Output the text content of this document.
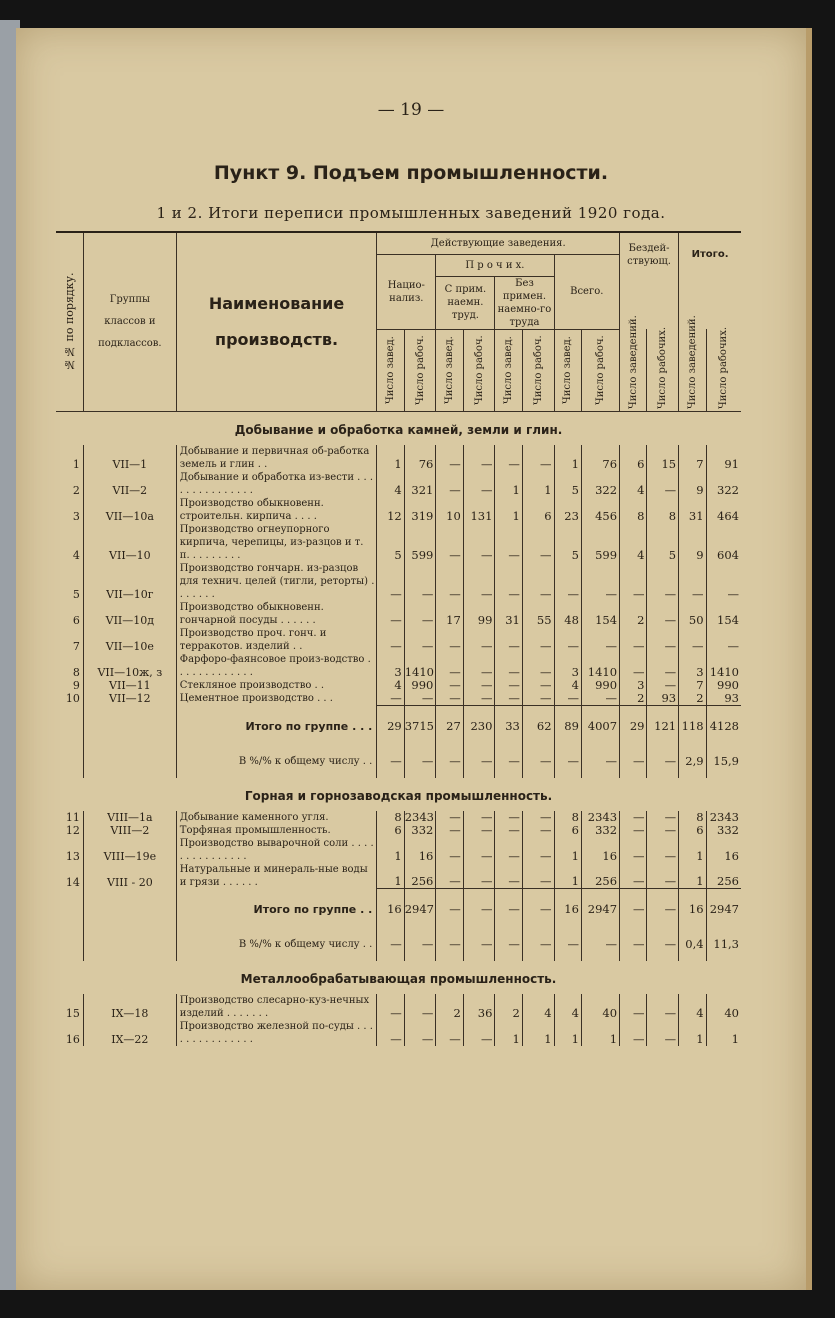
— 19 —
Пункт 9. Подъем промышленности.
1 и 2. Итоги переписи промышленных заведений 1920 года.
№№ по порядку.	Группы классов и подклассов.	Наименование производств.	Действующие заведения.								Бездей-ствующ.		Итого.	
			Нацио-нализ.		П р о ч и х.				Всего.					
					С прим. наемн. труд.		Без примен. наемно-го труда							

			Число завед.	Число рабоч.	Число завед.	Число рабоч.	Число завед.	Число рабоч.	Число завед.	Число рабоч.	Число заведений.	Число рабочих.	Число заведений.	Число рабочих.

Добывание и обработка камней, земли и глин.														
1	VII—1	Добывание и первичная об-работка земель и глин . .	1	76	—	—	—	—	1	76	6	15	7	91
2	VII—2	Добывание и обработка из-вести . . . . . . . . . . . . . . .	4	321	—	—	1	1	5	322	4	—	9	322
3	VII—10а	Производство обыкновенн. строительн. кирпича . . . .	12	319	10	131	1	6	23	456	8	8	31	464
4	VII—10	Производство огнеупорного кирпича, черепицы, из-разцов и т. п. . . . . . . . .	5	599	—	—	—	—	5	599	4	5	9	604
5	VII—10г	Производство гончарн. из-разцов для технич. целей (тигли, реторты) . . . . . . .	—	—	—	—	—	—	—	—	—	—	—	—
6	VII—10д	Производство обыкновенн. гончарной посуды . . . . . .	—	—	17	99	31	55	48	154	2	—	50	154
7	VII—10е	Производство проч. гонч. и терракотов. изделий . .	—	—	—	—	—	—	—	—	—	—	—	—
8	VII—10ж, з	Фарфоро-фаянсовое произ-водство . . . . . . . . . . . . .	3	1410	—	—	—	—	3	1410	—	—	3	1410
9	VII—11	Стекляное производство . .	4	990	—	—	—	—	4	990	3	—	7	990
10	VII—12	Цементное производство . . .	—	—	—	—	—	—	—	—	2	93	2	93
		Итого по группе . . .	29	3715	27	230	33	62	89	4007	29	121	118	4128
		В %/% к общему числу . .	—	—	—	—	—	—	—	—	—	—	2,9	15,9
Горная и горнозаводская промышленность.														
11	VIII—1а	Добывание каменного угля.	8	2343	—	—	—	—	8	2343	—	—	8	2343
12	VIII—2	Торфяная промышленность.	6	332	—	—	—	—	6	332	—	—	6	332
13	VIII—19е	Производство выварочной соли . . . . . . . . . . . . . . .	1	16	—	—	—	—	1	16	—	—	1	16
14	VIII - 20	Натуральные и минераль-ные воды и грязи . . . . . .	1	256	—	—	—	—	1	256	—	—	1	256
		Итого по группе . .	16	2947	—	—	—	—	16	2947	—	—	16	2947
		В %/% к общему числу . .	—	—	—	—	—	—	—	—	—	—	0,4	11,3
Металлообрабатывающая промышленность.														
15	IX—18	Производство слесарно-куз-нечных изделий . . . . . . .	—	—	2	36	2	4	4	40	—	—	4	40
16	IX—22	Производство железной по-суды . . . . . . . . . . . . . . .	—	—	—	—	1	1	1	1	—	—	1	1
